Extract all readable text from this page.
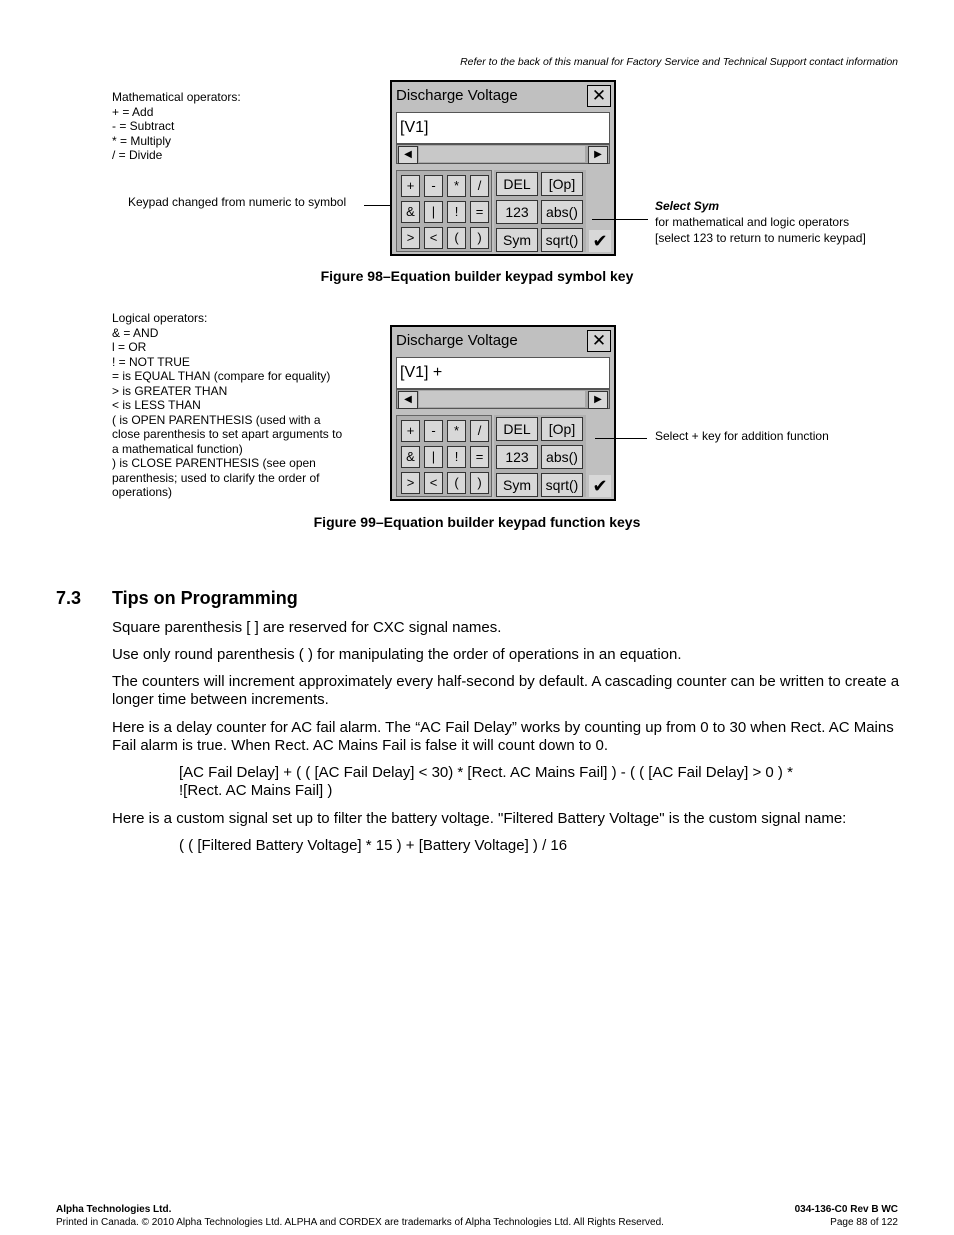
Refer to the back of this manual for Factory Service and Technical Support contact information
Mathematical operators:
+ = Add
- = Subtract
* = Multiply
/ = Divide
Keypad changed from numeric to symbol
Discharge Voltage	✕
[V1]
◀	▶
+	-	*	/
&	|	!	=
>	<	(	)
DEL	[Op]
123	abs()
Sym	sqrt() ✔
Select Sym
for mathematical and logic operators
[select 123 to return to numeric keypad]
Figure 98–Equation builder keypad symbol key
Logical operators:
& = AND
l = OR
! = NOT TRUE
= is EQUAL THAN (compare for equality)
> is GREATER THAN
< is LESS THAN
( is OPEN PARENTHESIS (used with a
close parenthesis to set apart arguments to
a mathematical function)
) is CLOSE PARENTHESIS (see open
parenthesis; used to clarify the order of
operations)
Discharge Voltage	✕
[V1] +
◀	▶
+	-	*	/
&	|	!	=
>	<	(	)
DEL	[Op]
123	abs()
Sym	sqrt() ✔
Select + key for addition function
Figure 99–Equation builder keypad function keys
7.3 Tips on Programming
Square parenthesis [ ] are reserved for CXC signal names.
Use only round parenthesis ( ) for manipulating the order of operations in an equation.
The counters will increment approximately every half-second by default. A cascading counter can be written to create a longer time between increments.
Here is a delay counter for AC fail alarm. The “AC Fail Delay” works by counting up from 0 to 30 when Rect. AC Mains Fail alarm is true. When Rect. AC Mains Fail is false it will count down to 0.
[AC Fail Delay] + ( ( [AC Fail Delay] < 30) * [Rect. AC Mains Fail] ) - ( ( [AC Fail Delay] > 0 ) *
![Rect. AC Mains Fail] )
Here is a custom signal set up to filter the battery voltage. "Filtered Battery Voltage" is the custom signal name:
( ( [Filtered Battery Voltage] * 15 ) + [Battery Voltage] ) / 16
Alpha Technologies Ltd.
Printed in Canada. © 2010 Alpha Technologies Ltd. ALPHA and CORDEX are trademarks of Alpha Technologies Ltd. All Rights Reserved.
034-136-C0 Rev B WC
Page 88 of 122
